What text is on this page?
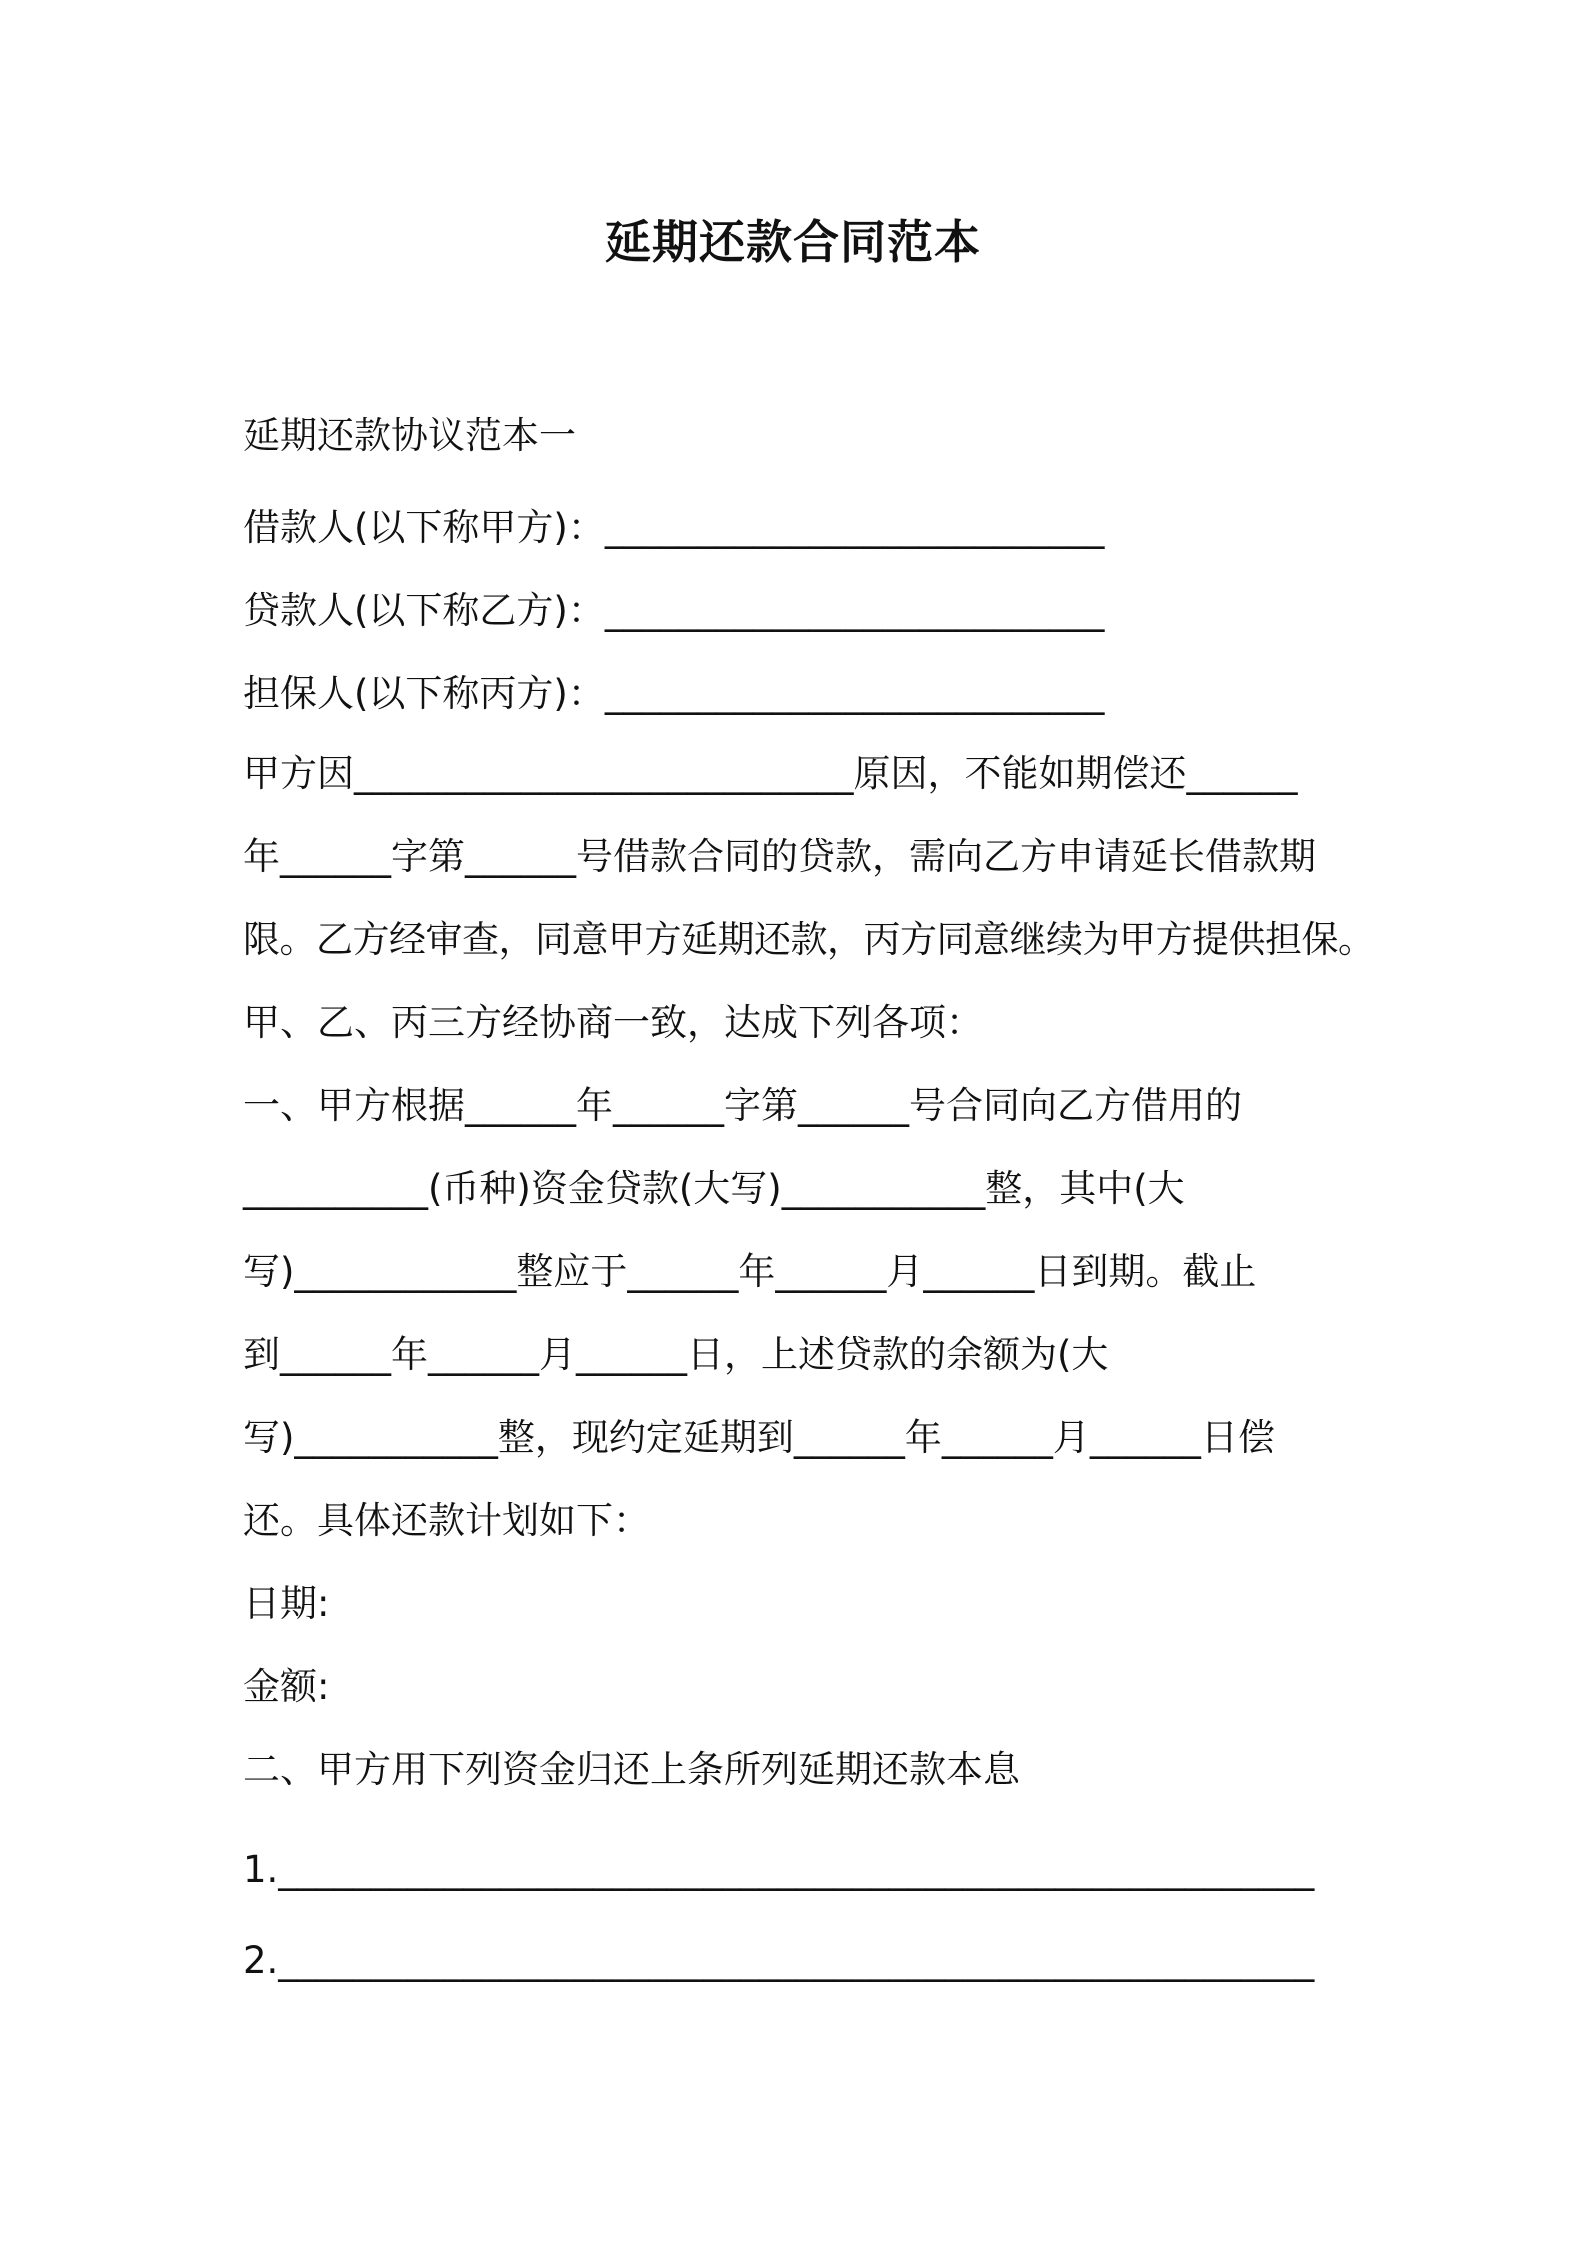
延期还款合同范本
延期还款协议范本一
借款人(以下称甲方)：___________________________
贷款人(以下称乙方)：___________________________
担保人(以下称丙方)：___________________________
甲方因___________________________原因，不能如期偿还______
年______字第______号借款合同的贷款，需向乙方申请延长借款期
限。乙方经审查，同意甲方延期还款，丙方同意继续为甲方提供担保。
甲、乙、丙三方经协商一致，达成下列各项：
一、甲方根据______年______字第______号合同向乙方借用的
__________(币种)资金贷款(大写)___________整，其中(大
写)____________整应于______年______月______日到期。截止
到______年______月______日，上述贷款的余额为(大
写)___________整，现约定延期到______年______月______日偿
还。具体还款计划如下：
日期:
金额:
二、甲方用下列资金归还上条所列延期还款本息
1.________________________________________________________
2.________________________________________________________
